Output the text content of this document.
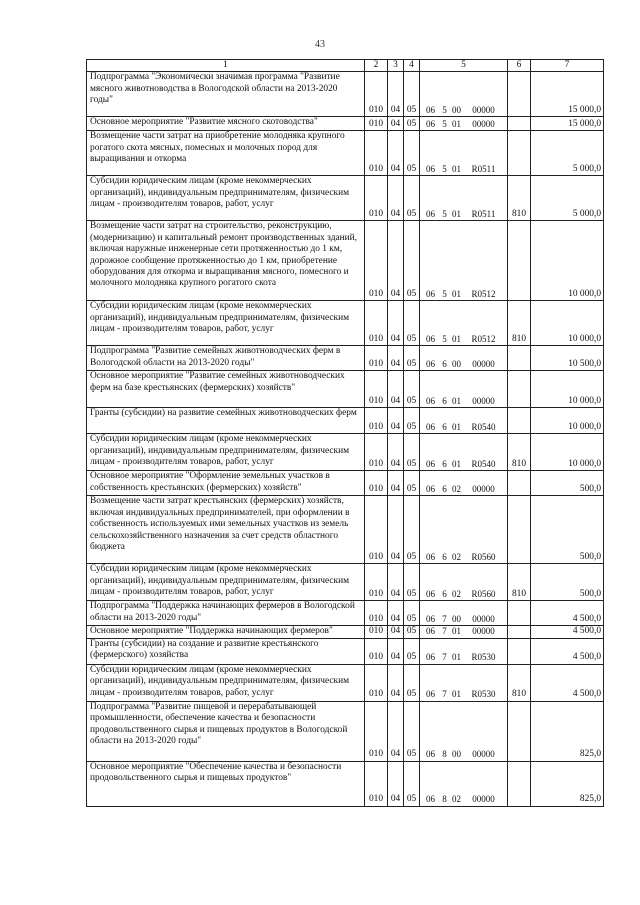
43
1	2	3	4	5	6	7
Подпрограмма "Экономически значимая программа "Развитие мясного животноводства в Вологодской области на 2013-2020 годы"	010	04	05	06 5 00 00000		15 000,0
Основное мероприятие "Развитие мясного скотоводства"	010	04	05	06 5 01 00000		15 000,0
Возмещение части затрат на приобретение молодняка крупного рогатого скота мясных, помесных и молочных пород для выращивания и откорма	010	04	05	06 5 01 R0511		5 000,0
Субсидии юридическим лицам (кроме некоммерческих организаций), индивидуальным предпринимателям, физическим лицам - производителям товаров, работ, услуг	010	04	05	06 5 01 R0511	810	5 000,0
Возмещение части затрат на строительство, реконструкцию, (модернизацию) и капитальный ремонт производственных зданий, включая наружные инженерные сети протяженностью до 1 км, дорожное сообщение протяженностью до 1 км, приобретение оборудования для откорма и выращивания мясного, помесного и молочного молодняка крупного рогатого скота	010	04	05	06 5 01 R0512		10 000,0
Субсидии юридическим лицам (кроме некоммерческих организаций), индивидуальным предпринимателям, физическим лицам - производителям товаров, работ, услуг	010	04	05	06 5 01 R0512	810	10 000,0
Подпрограмма "Развитие семейных животноводческих ферм в Вологодской области на 2013-2020 годы"	010	04	05	06 6 00 00000		10 500,0
Основное мероприятие "Развитие семейных животноводческих ферм на базе крестьянских (фермерских) хозяйств"	010	04	05	06 6 01 00000		10 000,0
Гранты (субсидии) на развитие семейных животноводческих ферм	010	04	05	06 6 01 R0540		10 000,0
Субсидии юридическим лицам (кроме некоммерческих организаций), индивидуальным предпринимателям, физическим лицам - производителям товаров, работ, услуг	010	04	05	06 6 01 R0540	810	10 000,0
Основное мероприятие "Оформление земельных участков в собственность крестьянских (фермерских) хозяйств"	010	04	05	06 6 02 00000		500,0
Возмещение части затрат крестьянских (фермерских) хозяйств, включая индивидуальных предпринимателей, при оформлении в собственность используемых ими земельных участков из земель сельскохозяйственного назначения за счет средств областного бюджета	010	04	05	06 6 02 R0560		500,0
Субсидии юридическим лицам (кроме некоммерческих организаций), индивидуальным предпринимателям, физическим лицам - производителям товаров, работ, услуг	010	04	05	06 6 02 R0560	810	500,0
Подпрограмма "Поддержка начинающих фермеров в Вологодской области на 2013-2020 годы"	010	04	05	06 7 00 00000		4 500,0
Основное мероприятие "Поддержка начинающих фермеров"	010	04	05	06 7 01 00000		4 500,0
Гранты (субсидии) на создание и развитие крестьянского (фермерского) хозяйства	010	04	05	06 7 01 R0530		4 500,0
Субсидии юридическим лицам (кроме некоммерческих организаций), индивидуальным предпринимателям, физическим лицам - производителям товаров, работ, услуг	010	04	05	06 7 01 R0530	810	4 500,0
Подпрограмма "Развитие пищевой и перерабатывающей промышленности, обеспечение качества и безопасности продовольственного сырья и пищевых продуктов в Вологодской области на 2013-2020 годы"	010	04	05	06 8 00 00000		825,0
Основное мероприятие "Обеспечение качества и безопасности продовольственного сырья и пищевых продуктов"	010	04	05	06 8 02 00000		825,0
